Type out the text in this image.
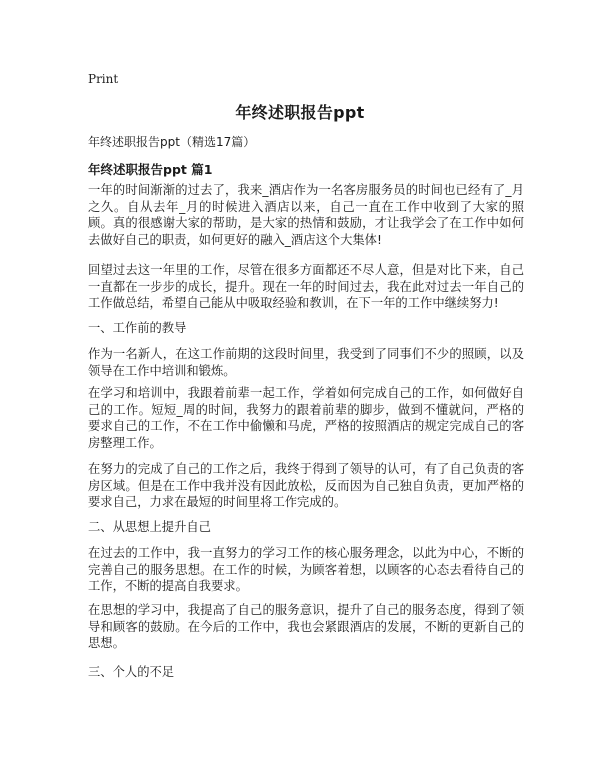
Print
年终述职报告ppt
年终述职报告ppt（精选17篇）
年终述职报告ppt 篇1
一年的时间渐渐的过去了，我来_酒店作为一名客房服务员的时间也已经有了_月之久。自从去年_月的时候进入酒店以来，自己一直在工作中收到了大家的照顾。真的很感谢大家的帮助，是大家的热情和鼓励，才让我学会了在工作中如何去做好自己的职责，如何更好的融入_酒店这个大集体!
回望过去这一年里的工作，尽管在很多方面都还不尽人意，但是对比下来，自己一直都在一步步的成长，提升。现在一年的时间过去，我在此对过去一年自己的工作做总结，希望自己能从中吸取经验和教训，在下一年的工作中继续努力!
一、工作前的教导
作为一名新人，在这工作前期的这段时间里，我受到了同事们不少的照顾，以及领导在工作中培训和锻炼。
在学习和培训中，我跟着前辈一起工作，学着如何完成自己的工作，如何做好自己的工作。短短_周的时间，我努力的跟着前辈的脚步，做到不懂就问，严格的要求自己的工作，不在工作中偷懒和马虎，严格的按照酒店的规定完成自己的客房整理工作。
在努力的完成了自己的工作之后，我终于得到了领导的认可，有了自己负责的客房区域。但是在工作中我并没有因此放松，反而因为自己独自负责，更加严格的要求自己，力求在最短的时间里将工作完成的。
二、从思想上提升自己
在过去的工作中，我一直努力的学习工作的核心服务理念，以此为中心，不断的完善自己的服务思想。在工作的时候，为顾客着想，以顾客的心态去看待自己的工作，不断的提高自我要求。
在思想的学习中，我提高了自己的服务意识，提升了自己的服务态度，得到了领导和顾客的鼓励。在今后的工作中，我也会紧跟酒店的发展，不断的更新自己的思想。
三、个人的不足
